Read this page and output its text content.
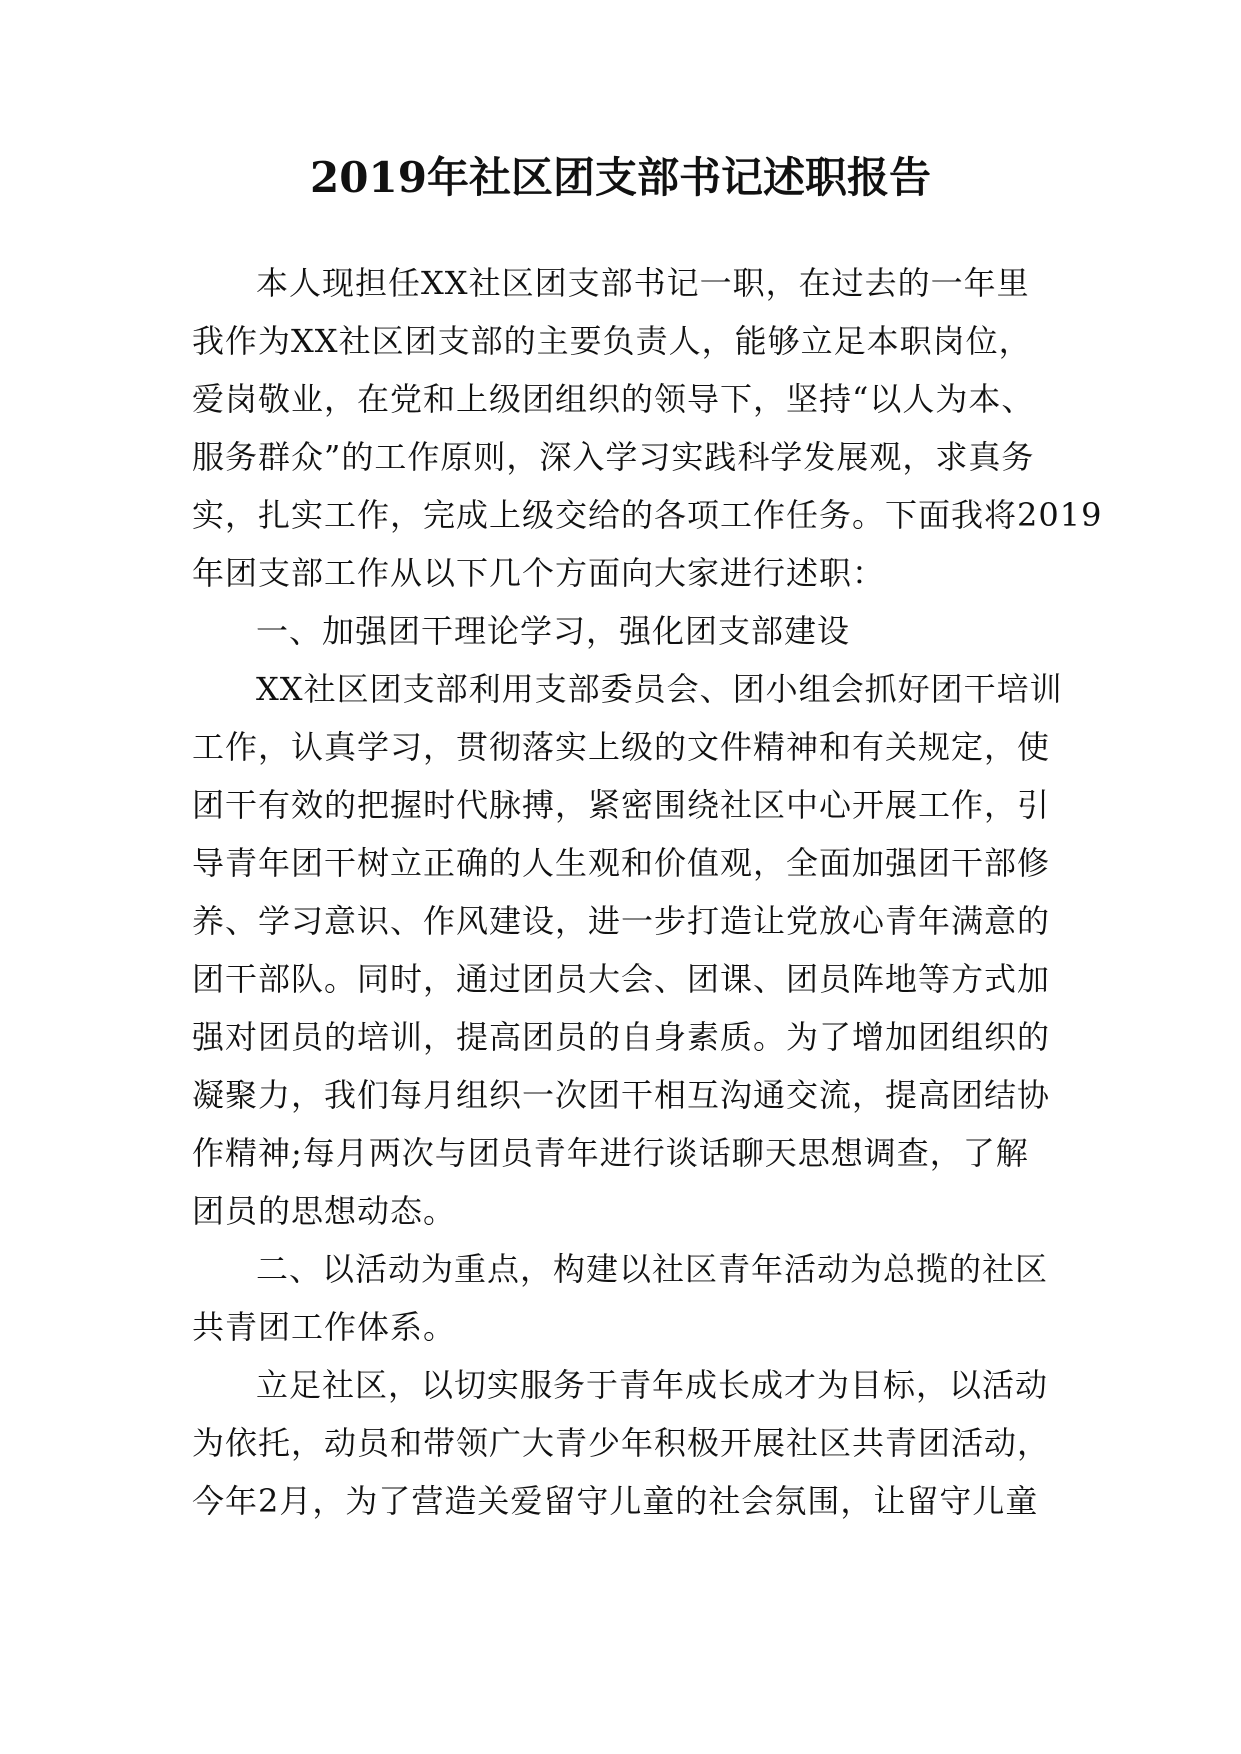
2019年社区团支部书记述职报告
本人现担任XX社区团支部书记一职，在过去的一年里
我作为XX社区团支部的主要负责人，能够立足本职岗位，
爱岗敬业，在党和上级团组织的领导下，坚持“以人为本、
服务群众”的工作原则，深入学习实践科学发展观，求真务
实，扎实工作，完成上级交给的各项工作任务。下面我将2019
年团支部工作从以下几个方面向大家进行述职：
一、加强团干理论学习，强化团支部建设
XX社区团支部利用支部委员会、团小组会抓好团干培训
工作，认真学习，贯彻落实上级的文件精神和有关规定，使
团干有效的把握时代脉搏，紧密围绕社区中心开展工作，引
导青年团干树立正确的人生观和价值观，全面加强团干部修
养、学习意识、作风建设，进一步打造让党放心青年满意的
团干部队。同时，通过团员大会、团课、团员阵地等方式加
强对团员的培训，提高团员的自身素质。为了增加团组织的
凝聚力，我们每月组织一次团干相互沟通交流，提高团结协
作精神;每月两次与团员青年进行谈话聊天思想调查，了解
团员的思想动态。
二、以活动为重点，构建以社区青年活动为总揽的社区
共青团工作体系。
立足社区，以切实服务于青年成长成才为目标，以活动
为依托，动员和带领广大青少年积极开展社区共青团活动，
今年2月，为了营造关爱留守儿童的社会氛围，让留守儿童
